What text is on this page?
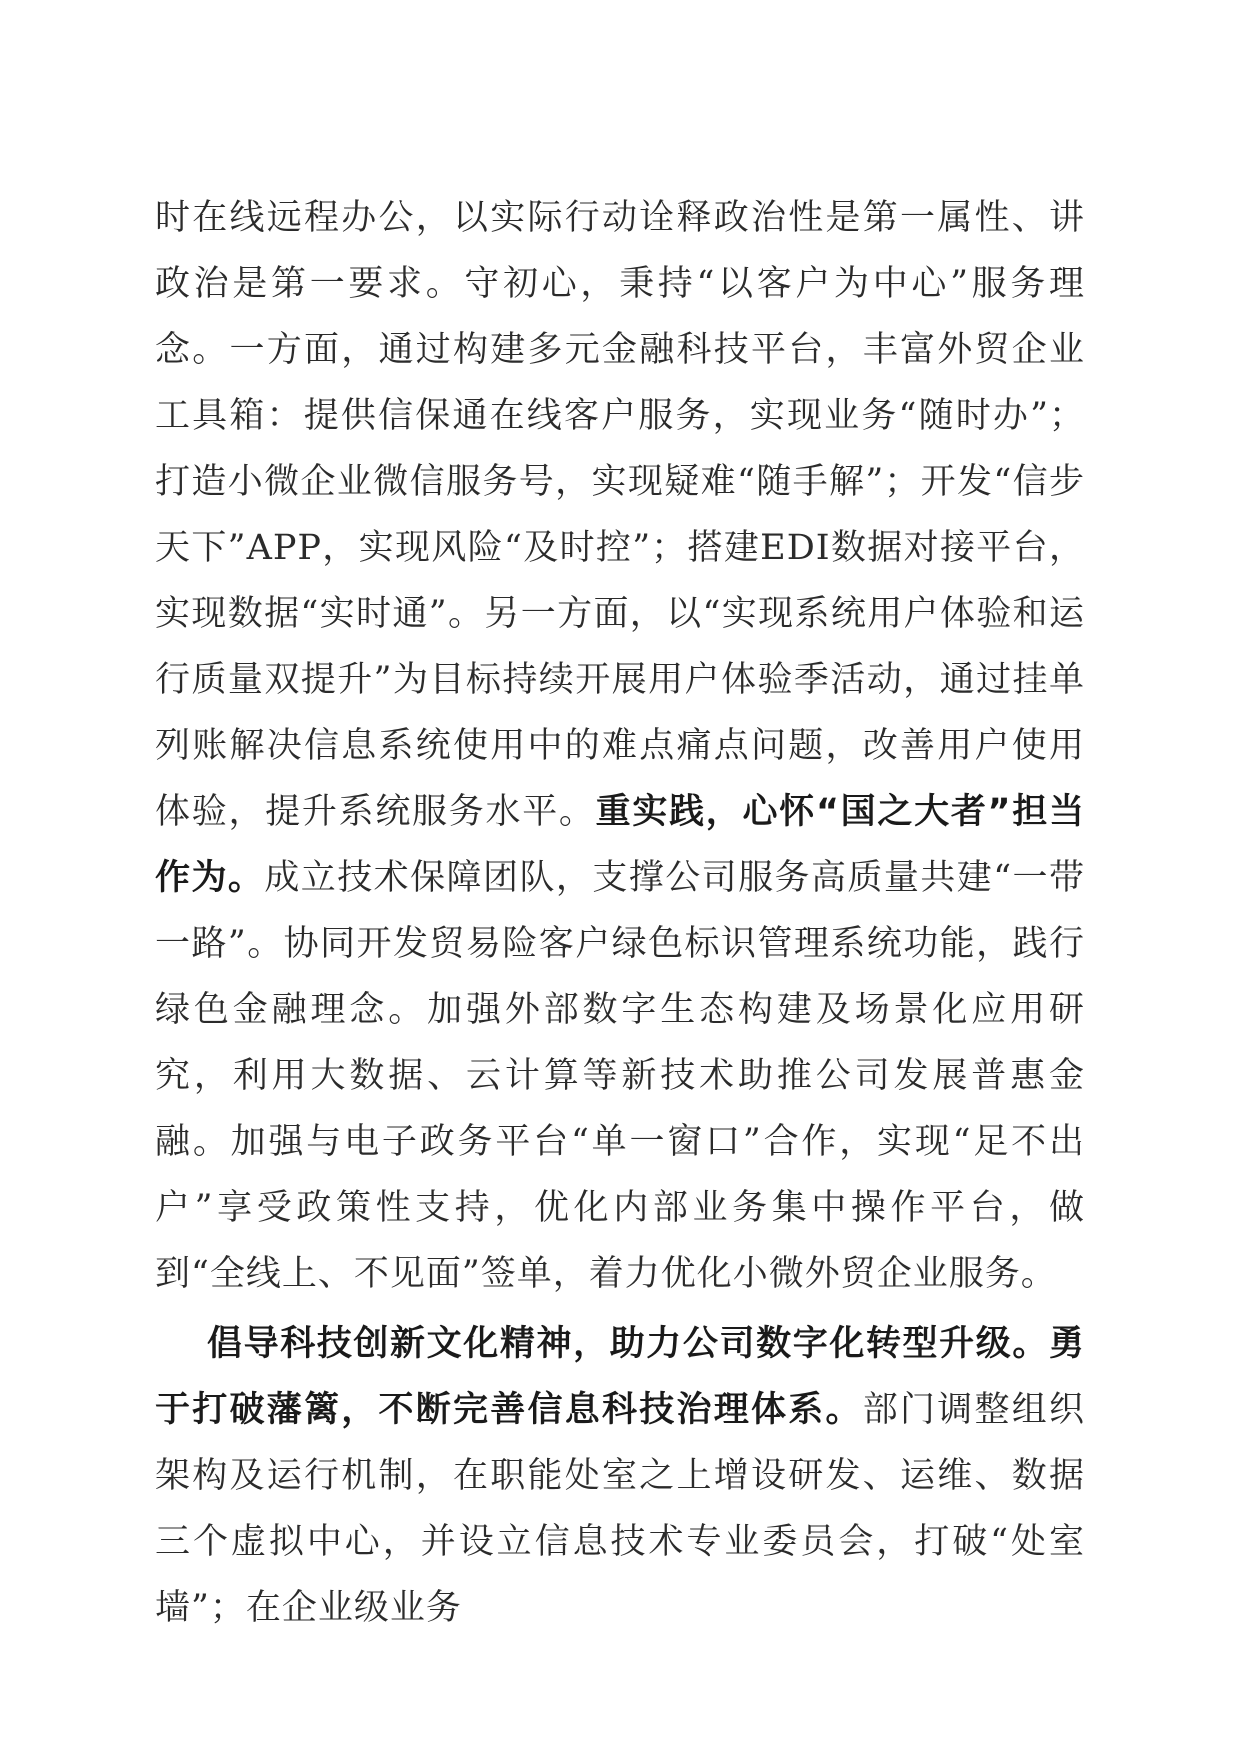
时在线远程办公，以实际行动诠释政治性是第一属性、讲政治是第一要求。守初心，秉持“以客户为中心”服务理念。一方面，通过构建多元金融科技平台，丰富外贸企业工具箱：提供信保通在线客户服务，实现业务“随时办”；打造小微企业微信服务号，实现疑难“随手解”；开发“信步天下”APP，实现风险“及时控”；搭建EDI数据对接平台，实现数据“实时通”。另一方面，以“实现系统用户体验和运行质量双提升”为目标持续开展用户体验季活动，通过挂单列账解决信息系统使用中的难点痛点问题，改善用户使用体验，提升系统服务水平。重实践，心怀“国之大者”担当作为。成立技术保障团队，支撑公司服务高质量共建“一带一路”。协同开发贸易险客户绿色标识管理系统功能，践行绿色金融理念。加强外部数字生态构建及场景化应用研究，利用大数据、云计算等新技术助推公司发展普惠金融。加强与电子政务平台“单一窗口”合作，实现“足不出户”享受政策性支持，优化内部业务集中操作平台，做到“全线上、不见面”签单，着力优化小微外贸企业服务。

倡导科技创新文化精神，助力公司数字化转型升级。勇于打破藩篱，不断完善信息科技治理体系。部门调整组织架构及运行机制，在职能处室之上增设研发、运维、数据三个虚拟中心，并设立信息技术专业委员会，打破“处室墙”；在企业级业务
